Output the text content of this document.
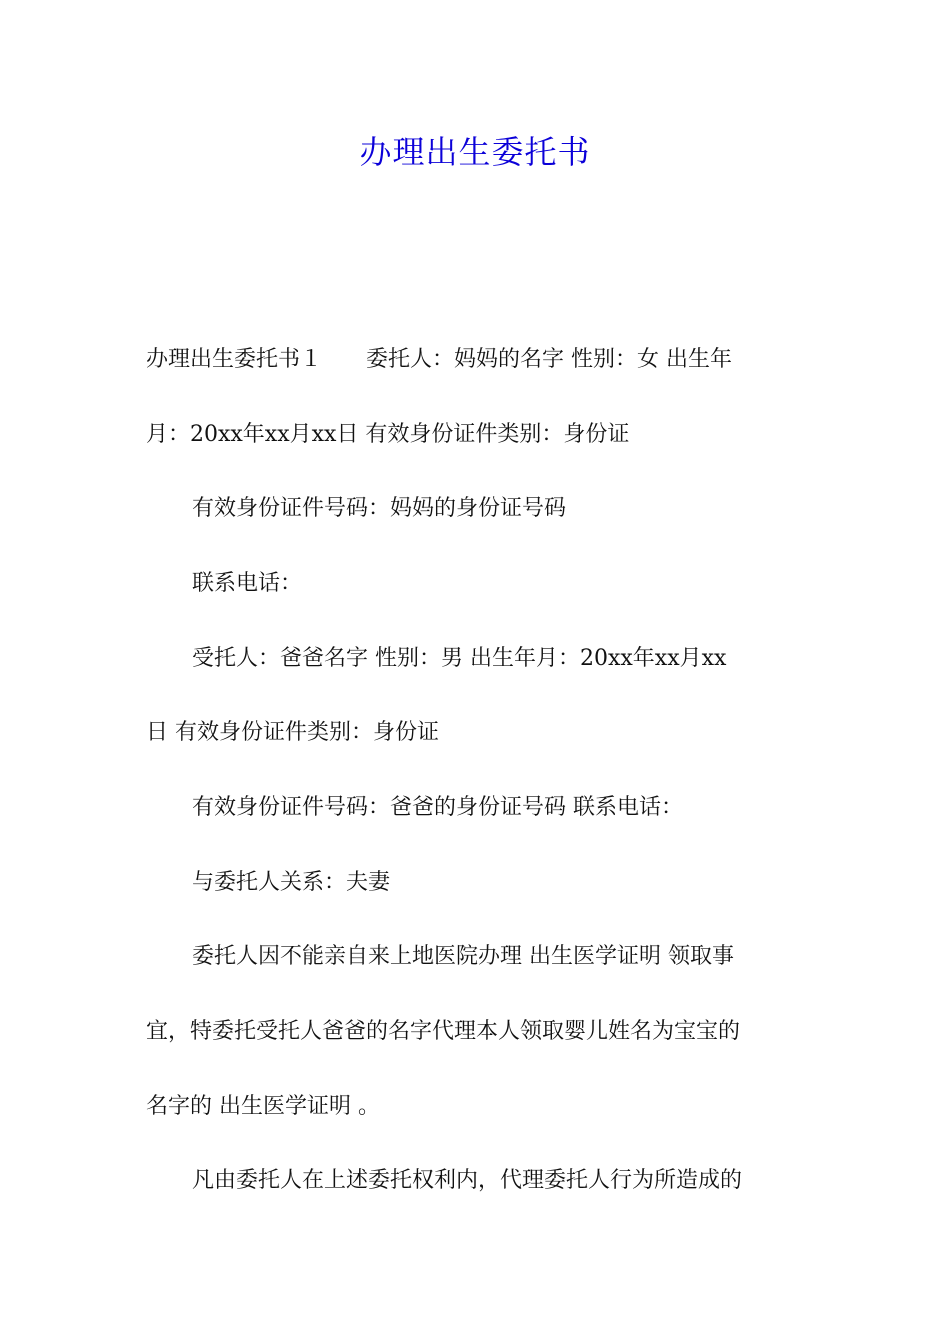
办理出生委托书
办理出生委托书１　　委托人：妈妈的名字 性别：女 出生年
月：20xx年xx月xx日 有效身份证件类别：身份证
有效身份证件号码：妈妈的身份证号码
联系电话：
受托人：爸爸名字 性别：男 出生年月：20xx年xx月xx
日 有效身份证件类别：身份证
有效身份证件号码：爸爸的身份证号码 联系电话：
与委托人关系：夫妻
委托人因不能亲自来上地医院办理 出生医学证明 领取事
宜，特委托受托人爸爸的名字代理本人领取婴儿姓名为宝宝的
名字的 出生医学证明 。
凡由委托人在上述委托权利内，代理委托人行为所造成的
